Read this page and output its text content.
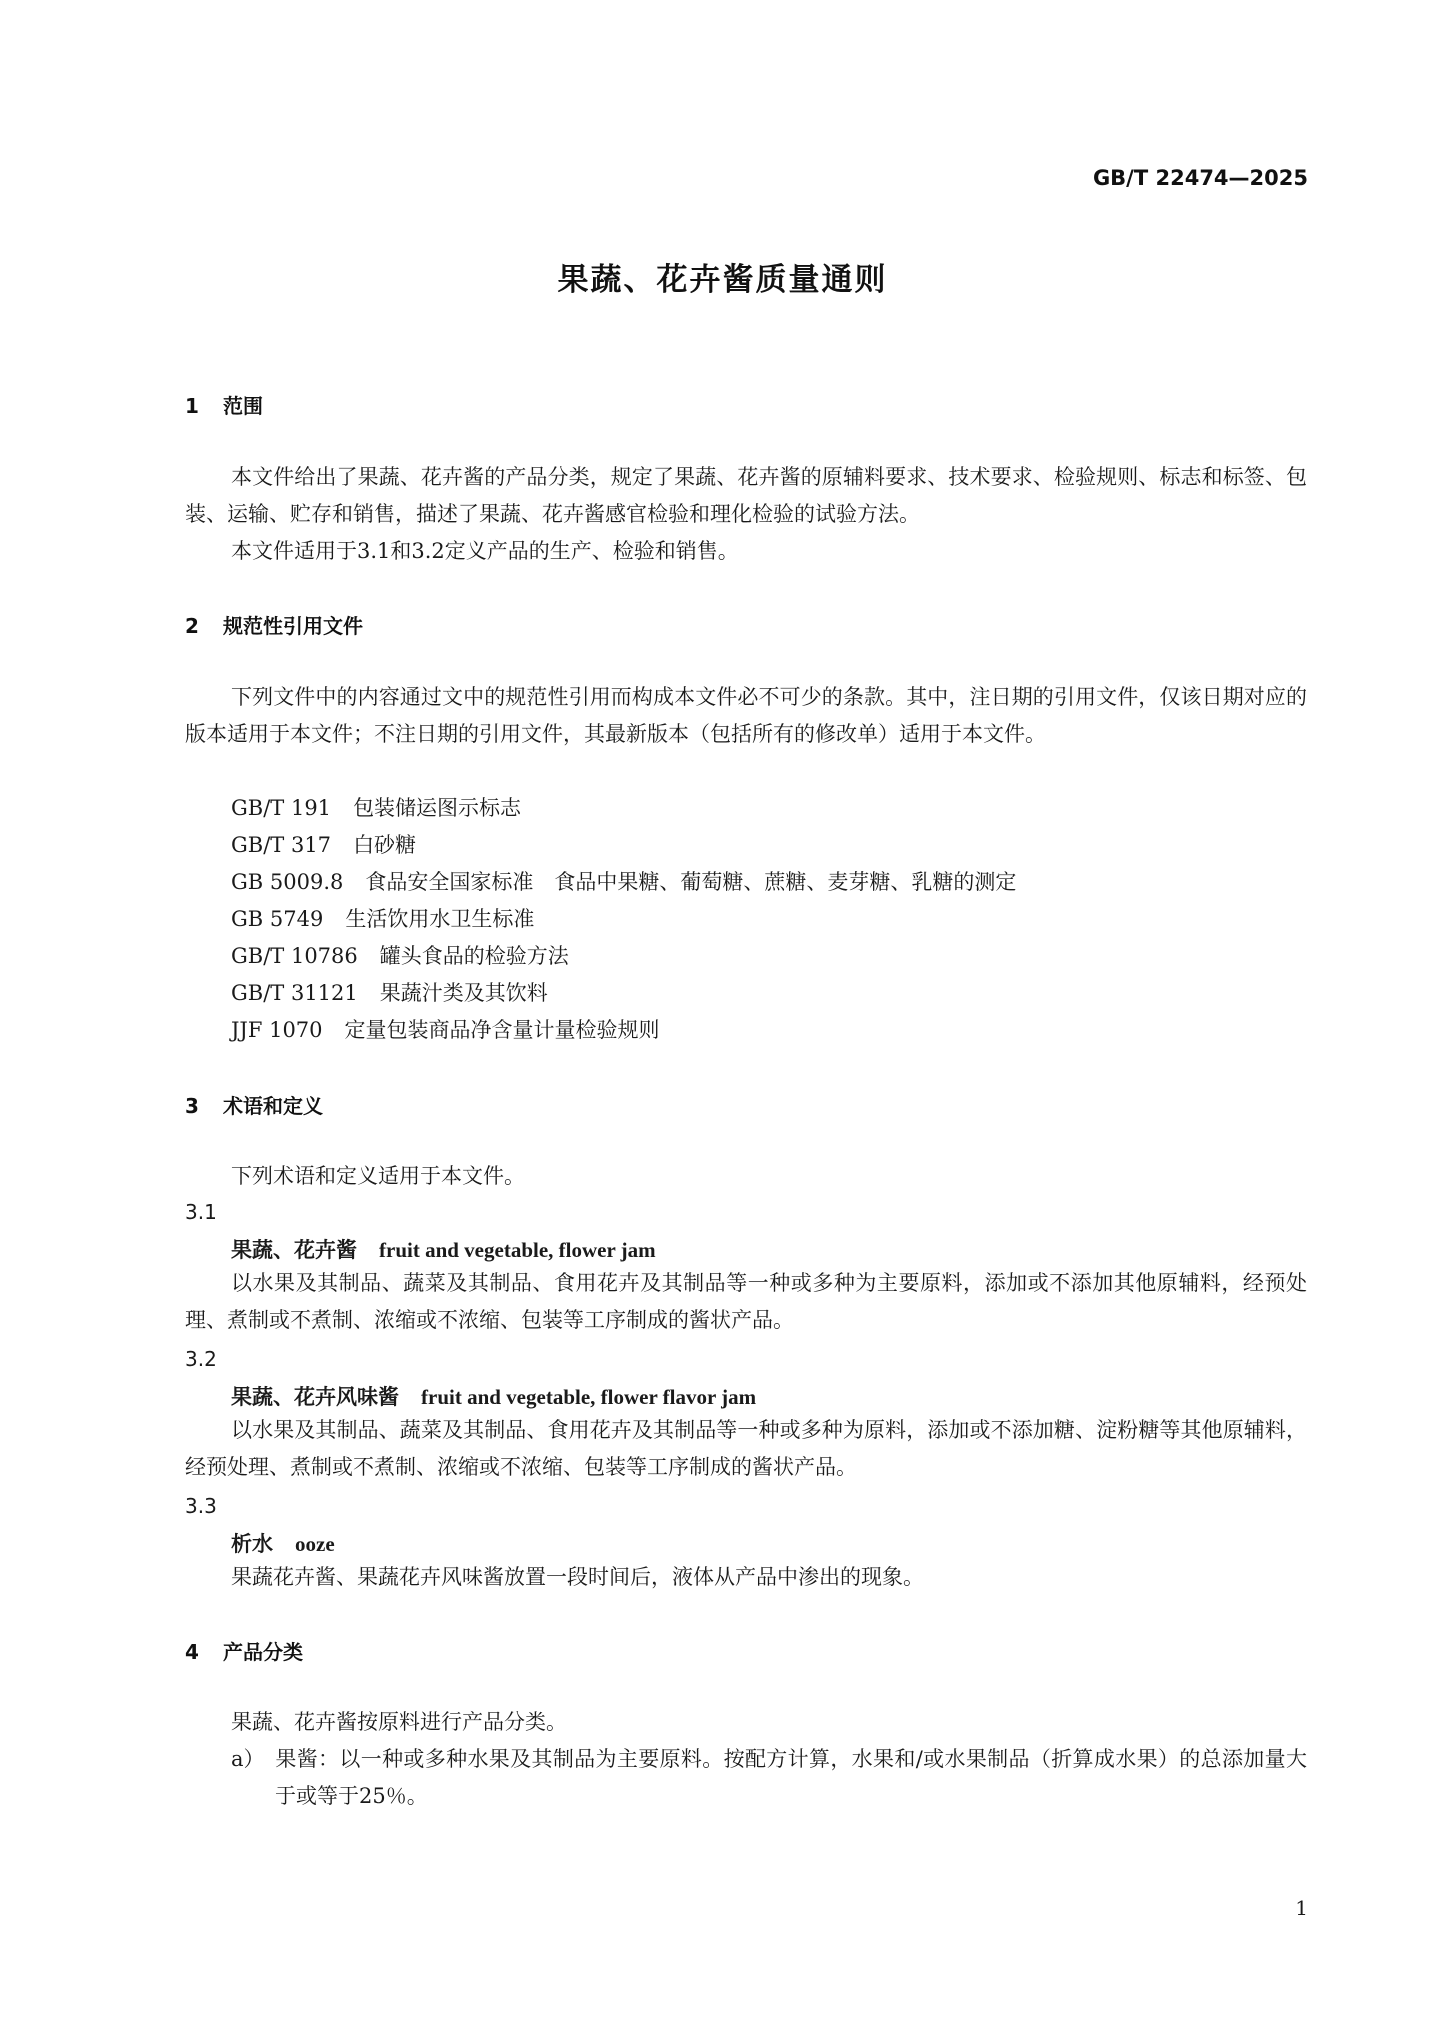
GB/T 22474—2025
果蔬、花卉酱质量通则
1 范围
本文件给出了果蔬、花卉酱的产品分类，规定了果蔬、花卉酱的原辅料要求、技术要求、检验规则、标志和标签、包装、运输、贮存和销售，描述了果蔬、花卉酱感官检验和理化检验的试验方法。
本文件适用于3.1和3.2定义产品的生产、检验和销售。
2 规范性引用文件
下列文件中的内容通过文中的规范性引用而构成本文件必不可少的条款。其中，注日期的引用文件，仅该日期对应的版本适用于本文件；不注日期的引用文件，其最新版本（包括所有的修改单）适用于本文件。
GB/T 191 包装储运图示标志
GB/T 317 白砂糖
GB 5009.8 食品安全国家标准　食品中果糖、葡萄糖、蔗糖、麦芽糖、乳糖的测定
GB 5749 生活饮用水卫生标准
GB/T 10786 罐头食品的检验方法
GB/T 31121 果蔬汁类及其饮料
JJF 1070 定量包装商品净含量计量检验规则
3 术语和定义
下列术语和定义适用于本文件。
3.1
果蔬、花卉酱 fruit and vegetable, flower jam
以水果及其制品、蔬菜及其制品、食用花卉及其制品等一种或多种为主要原料，添加或不添加其他原辅料，经预处理、煮制或不煮制、浓缩或不浓缩、包装等工序制成的酱状产品。
3.2
果蔬、花卉风味酱 fruit and vegetable, flower flavor jam
以水果及其制品、蔬菜及其制品、食用花卉及其制品等一种或多种为原料，添加或不添加糖、淀粉糖等其他原辅料，经预处理、煮制或不煮制、浓缩或不浓缩、包装等工序制成的酱状产品。
3.3
析水 ooze
果蔬花卉酱、果蔬花卉风味酱放置一段时间后，液体从产品中渗出的现象。
4 产品分类
果蔬、花卉酱按原料进行产品分类。
a） 果酱：以一种或多种水果及其制品为主要原料。按配方计算，水果和/或水果制品（折算成水果）的总添加量大于或等于25％。
1
